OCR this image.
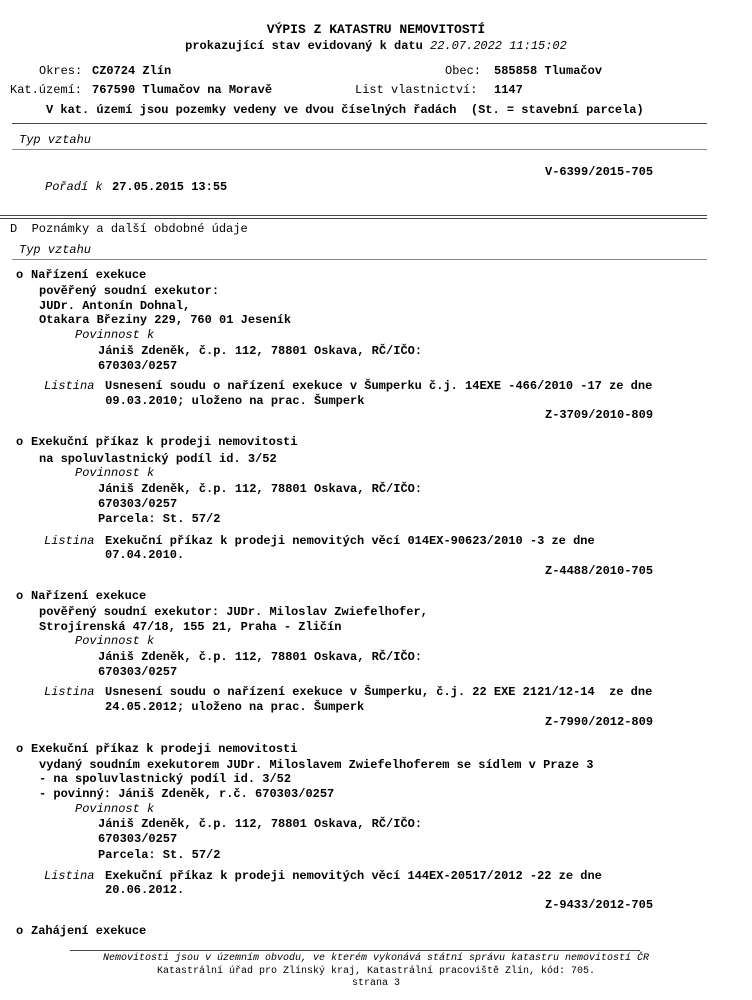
VÝPIS Z KATASTRU NEMOVITOSTÍ
prokazující stav evidovaný k datu 22.07.2022 11:15:02
Okres: CZ0724 Zlín	Obec: 585858 Tlumačov
Kat.území: 767590 Tlumačov na Moravě	List vlastnictví: 1147
V kat. území jsou pozemky vedeny ve dvou číselných řadách  (St. = stavební parcela)
Typ vztahu
V-6399/2015-705
Pořadí k 27.05.2015 13:55
D  Poznámky a další obdobné údaje
Typ vztahu
o Nařízení exekuce
pověřený soudní exekutor:
JUDr. Antonín Dohnal,
Otakara Březiny 229, 760 01 Jeseník
Povinnost k
Jániš Zdeněk, č.p. 112, 78801 Oskava, RČ/IČO:
670303/0257
Listina Usnesení soudu o nařízení exekuce v Šumperku č.j. 14EXE -466/2010 -17 ze dne
09.03.2010; uloženo na prac. Šumperk
Z-3709/2010-809
o Exekuční příkaz k prodeji nemovitosti
na spoluvlastnický podíl id. 3/52
Povinnost k
Jániš Zdeněk, č.p. 112, 78801 Oskava, RČ/IČO:
670303/0257
Parcela: St. 57/2
Listina Exekuční příkaz k prodeji nemovitých věcí 014EX-90623/2010 -3 ze dne
07.04.2010.
Z-4488/2010-705
o Nařízení exekuce
pověřený soudní exekutor: JUDr. Miloslav Zwiefelhofer,
Strojírenská 47/18, 155 21, Praha - Zličín
Povinnost k
Jániš Zdeněk, č.p. 112, 78801 Oskava, RČ/IČO:
670303/0257
Listina Usnesení soudu o nařízení exekuce v Šumperku, č.j. 22 EXE 2121/12-14  ze dne
24.05.2012; uloženo na prac. Šumperk
Z-7990/2012-809
o Exekuční příkaz k prodeji nemovitosti
vydaný soudním exekutorem JUDr. Miloslavem Zwiefelhoferem se sídlem v Praze 3
- na spoluvlastnický podíl id. 3/52
- povinný: Jániš Zdeněk, r.č. 670303/0257
Povinnost k
Jániš Zdeněk, č.p. 112, 78801 Oskava, RČ/IČO:
670303/0257
Parcela: St. 57/2
Listina Exekuční příkaz k prodeji nemovitých věcí 144EX-20517/2012 -22 ze dne
20.06.2012.
Z-9433/2012-705
o Zahájení exekuce
Nemovitosti jsou v územním obvodu, ve kterém vykonává státní správu katastru nemovitostí ČR
Katastrální úřad pro Zlínský kraj, Katastrální pracoviště Zlín, kód: 705.
strana 3
